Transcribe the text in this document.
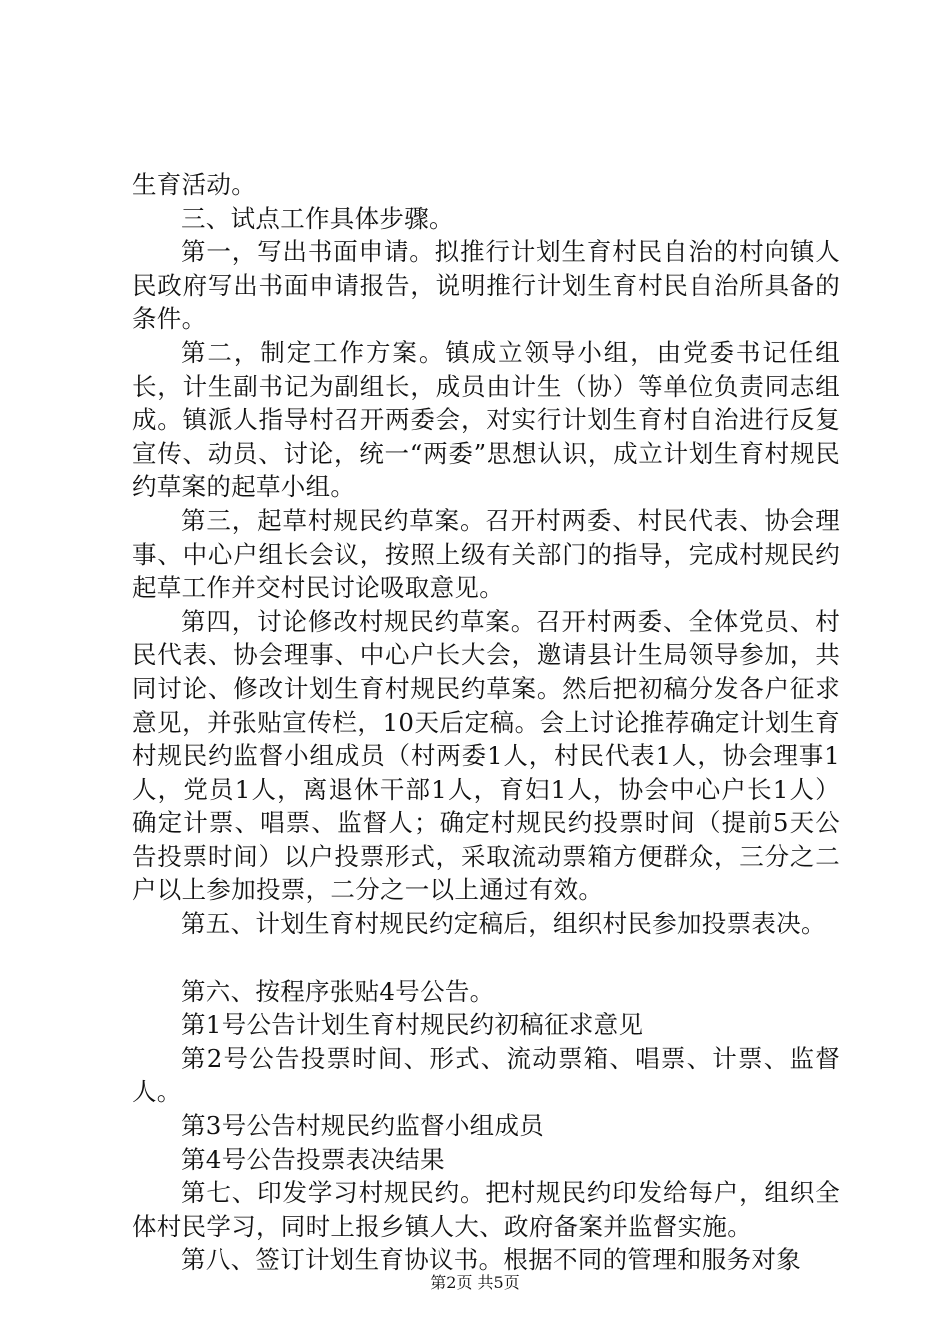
生育活动。

三、试点工作具体步骤。

第一，写出书面申请。拟推行计划生育村民自治的村向镇人民政府写出书面申请报告，说明推行计划生育村民自治所具备的条件。

第二，制定工作方案。镇成立领导小组，由党委书记任组长，计生副书记为副组长，成员由计生（协）等单位负责同志组成。镇派人指导村召开两委会，对实行计划生育村自治进行反复宣传、动员、讨论，统一“两委”思想认识，成立计划生育村规民约草案的起草小组。

第三，起草村规民约草案。召开村两委、村民代表、协会理事、中心户组长会议，按照上级有关部门的指导，完成村规民约起草工作并交村民讨论吸取意见。

第四，讨论修改村规民约草案。召开村两委、全体党员、村民代表、协会理事、中心户长大会，邀请县计生局领导参加，共同讨论、修改计划生育村规民约草案。然后把初稿分发各户征求意见，并张贴宣传栏，10天后定稿。会上讨论推荐确定计划生育村规民约监督小组成员（村两委1人，村民代表1人，协会理事1人，党员1人，离退休干部1人，育妇1人，协会中心户长1人）确定计票、唱票、监督人；确定村规民约投票时间（提前5天公告投票时间）以户投票形式，采取流动票箱方便群众，三分之二户以上参加投票，二分之一以上通过有效。

第五、计划生育村规民约定稿后，组织村民参加投票表决。

第六、按程序张贴4号公告。

第1号公告计划生育村规民约初稿征求意见

第2号公告投票时间、形式、流动票箱、唱票、计票、监督人。

第3号公告村规民约监督小组成员

第4号公告投票表决结果

第七、印发学习村规民约。把村规民约印发给每户，组织全体村民学习，同时上报乡镇人大、政府备案并监督实施。

第八、签订计划生育协议书。根据不同的管理和服务对象

第2页 共5页
